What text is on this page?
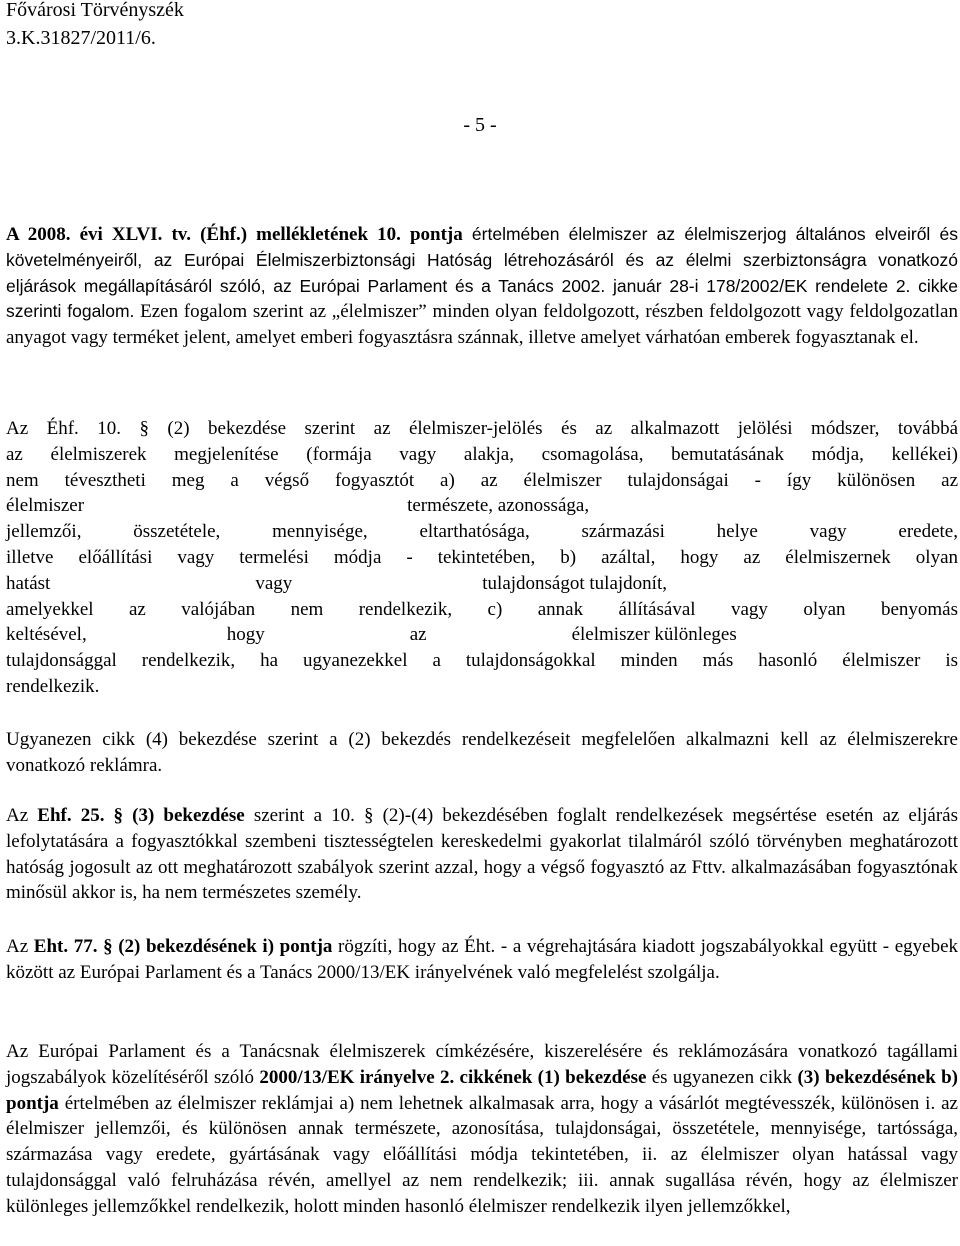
Fővárosi Törvényszék
3.K.31827/2011/6.
- 5 -

A 2008. évi XLVI. tv. (Éhf.) mellékletének 10. pontja értelmében élelmiszer az élelmiszerjog általános elveiről és követelményeiről, az Európai Élelmiszerbiztonsági Hatóság létrehozásáról és az élelmi szerbiztonságra vonatkozó eljárások megállapításáról szóló, az Európai Parlament és a Tanács 2002. január 28-i 178/2002/EK rendelete 2. cikke szerinti fogalom. Ezen fogalom szerint az „élelmiszer” minden olyan feldolgozott, részben feldolgozott vagy feldolgozatlan anyagot vagy terméket jelent, amelyet emberi fogyasztásra szánnak, illetve amelyet várhatóan emberek fogyasztanak el.

Az Éhf. 10. § (2) bekezdése szerint az élelmiszer-jelölés és az alkalmazott jelölési módszer, továbbá
az élelmiszerek megjelenítése (formája vagy alakja, csomagolása, bemutatásának módja, kellékei)
nem tévesztheti meg a végső fogyasztót a) az élelmiszer tulajdonságai - így különösen az
élelmiszer	természete, azonossága,
jellemzői, összetétele, mennyisége, eltarthatósága, származási helye vagy eredete,
illetve előállítási vagy termelési módja - tekintetében, b) azáltal, hogy az élelmiszernek olyan
hatást	vagy	tulajdonságot tulajdonít,
amelyekkel az valójában nem rendelkezik, c) annak állításával vagy olyan benyomás
keltésével,	hogy	az	élelmiszer különleges
tulajdonsággal rendelkezik, ha ugyanezekkel a tulajdonságokkal minden más hasonló élelmiszer is
rendelkezik.

Ugyanezen cikk (4) bekezdése szerint a (2) bekezdés rendelkezéseit megfelelően alkalmazni kell az élelmiszerekre vonatkozó reklámra.

Az Ehf. 25. § (3) bekezdése szerint a 10. § (2)-(4) bekezdésében foglalt rendelkezések megsértése esetén az eljárás lefolytatására a fogyasztókkal szembeni tisztességtelen kereskedelmi gyakorlat tilalmáról szóló törvényben meghatározott hatóság jogosult az ott meghatározott szabályok szerint azzal, hogy a végső fogyasztó az Fttv. alkalmazásában fogyasztónak minősül akkor is, ha nem természetes személy.

Az Eht. 77. § (2) bekezdésének i) pontja rögzíti, hogy az Éht. - a végrehajtására kiadott jogszabályokkal együtt - egyebek között az Európai Parlament és a Tanács 2000/13/EK irányelvének való megfelelést szolgálja.

Az Európai Parlament és a Tanácsnak élelmiszerek címkézésére, kiszerelésére és reklámozására vonatkozó tagállami jogszabályok közelítéséről szóló 2000/13/EK irányelve 2. cikkének (1) bekezdése és ugyanezen cikk (3) bekezdésének b) pontja értelmében az élelmiszer reklámjai a) nem lehetnek alkalmasak arra, hogy a vásárlót megtévesszék, különösen i. az élelmiszer jellemzői, és különösen annak természete, azonosítása, tulajdonságai, összetétele, mennyisége, tartóssága, származása vagy eredete, gyártásának vagy előállítási módja tekintetében, ii. az élelmiszer olyan hatással vagy tulajdonsággal való felruházása révén, amellyel az nem rendelkezik; iii. annak sugallása révén, hogy az élelmiszer különleges jellemzőkkel rendelkezik, holott minden hasonló élelmiszer rendelkezik ilyen jellemzőkkel,
